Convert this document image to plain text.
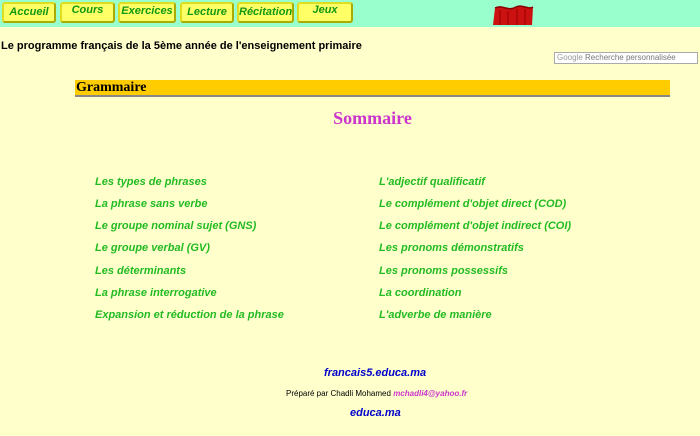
Accueil	Cours	Exercices	Lecture	Récitation	Jeux
Le programme français de la 5ème année de l'enseignement primaire
Google Recherche personnalisée
Grammaire
Sommaire
Les types de phrases
La phrase sans verbe
Le groupe nominal sujet (GNS)
Le groupe verbal (GV)
Les déterminants
La phrase interrogative
Expansion et réduction de la phrase
L'adjectif qualificatif
Le complément d'objet direct (COD)
Le complément d'objet indirect (COI)
Les pronoms démonstratifs
Les pronoms possessifs
La coordination
L'adverbe de manière
francais5.educa.ma
Préparé par Chadli Mohamed mchadli4@yahoo.fr
educa.ma
